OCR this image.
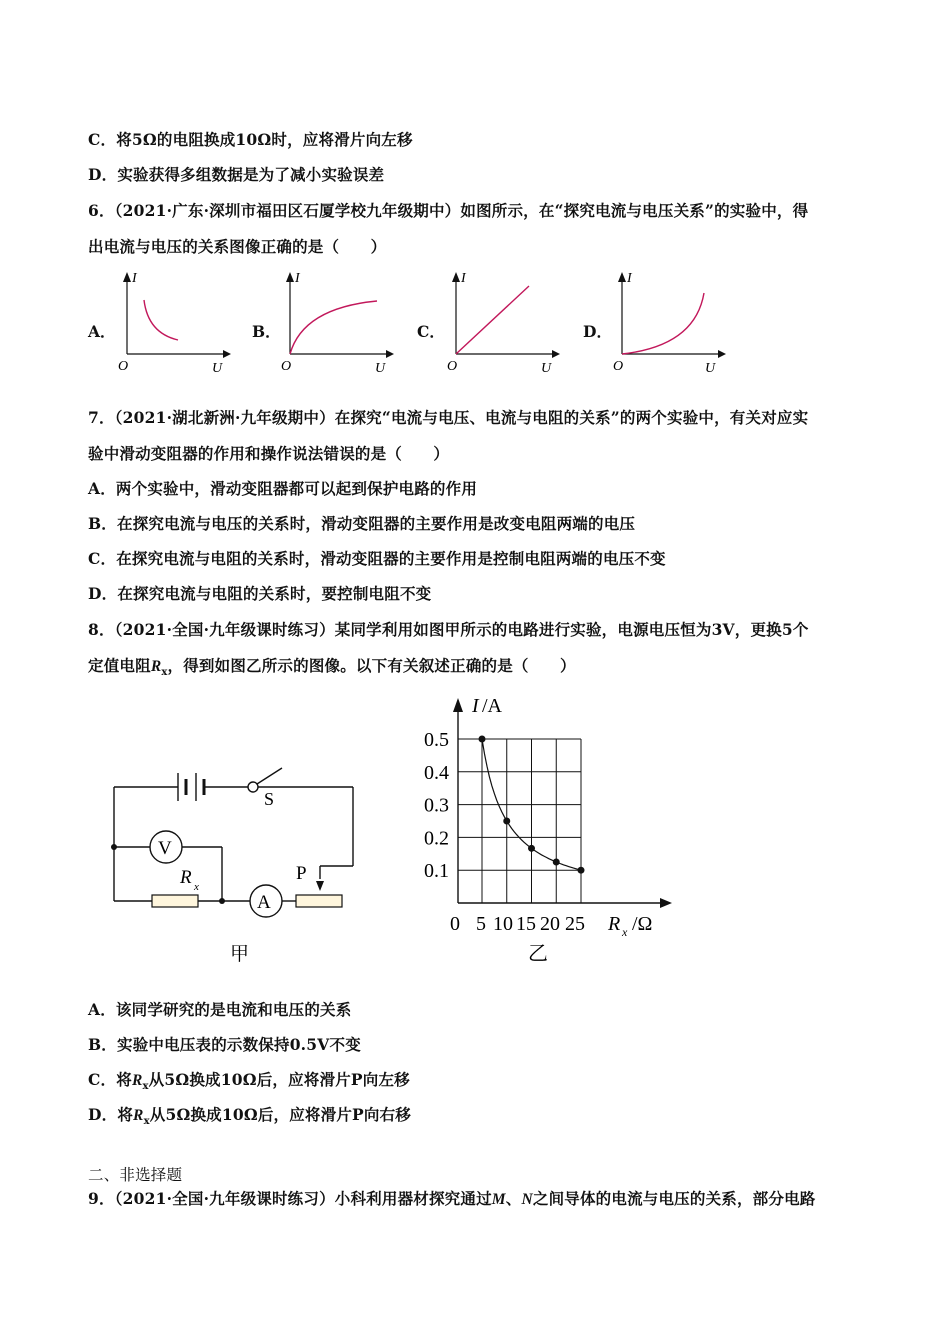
C．将5Ω的电阻换成10Ω时，应将滑片向左移
D．实验获得多组数据是为了减小实验误差
6．（2021·广东·深圳市福田区石厦学校九年级期中）如图所示，在“探究电流与电压关系”的实验中，得
出电流与电压的关系图像正确的是（　　）
A．
I
U
O
B．
I
U
O
C．
I
U
O
D．
I
U
O
7．（2021·湖北新洲·九年级期中）在探究“电流与电压、电流与电阻的关系”的两个实验中，有关对应实
验中滑动变阻器的作用和操作说法错误的是（　　）
A．两个实验中，滑动变阻器都可以起到保护电路的作用
B．在探究电流与电压的关系时，滑动变阻器的主要作用是改变电阻两端的电压
C．在探究电流与电阻的关系时，滑动变阻器的主要作用是控制电阻两端的电压不变
D．在探究电流与电阻的关系时，要控制电阻不变
8．（2021·全国·九年级课时练习）某同学利用如图甲所示的电路进行实验，电源电压恒为3V，更换5个
定值电阻$R_x$，得到如图乙所示的图像。以下有关叙述正确的是（　　）
S
V
R x
A
P
甲
0.5
0.4
0.3
0.2
0.1
0 5 10 15 20 25
I /A
R x /Ω
乙
A．该同学研究的是电流和电压的关系
B．实验中电压表的示数保持0.5V不变
C．将$R_x$从5Ω换成10Ω后，应将滑片P向左移
D．将$R_x$从5Ω换成10Ω后，应将滑片P向右移
二、非选择题
9．（2021·全国·九年级课时练习）小科利用器材探究通过M、N之间导体的电流与电压的关系，部分电路
